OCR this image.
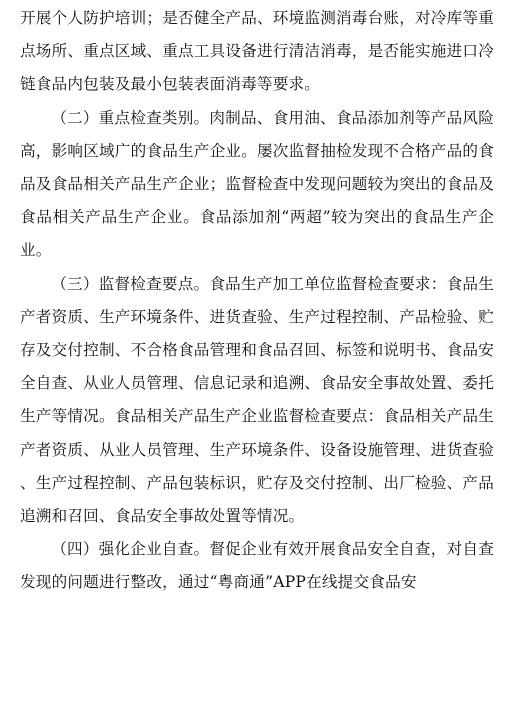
开展个人防护培训；是否健全产品、环境监测消毒台账，对冷库等重点场所、重点区域、重点工具设备进行清洁消毒，是否能实施进口冷链食品内包装及最小包装表面消毒等要求。

（二）重点检查类别。肉制品、食用油、食品添加剂等产品风险高，影响区域广的食品生产企业。屡次监督抽检发现不合格产品的食品及食品相关产品生产企业；监督检查中发现问题较为突出的食品及食品相关产品生产企业。食品添加剂“两超”较为突出的食品生产企业。

（三）监督检查要点。食品生产加工单位监督检查要求：食品生产者资质、生产环境条件、进货查验、生产过程控制、产品检验、贮存及交付控制、不合格食品管理和食品召回、标签和说明书、食品安全自查、从业人员管理、信息记录和追溯、食品安全事故处置、委托生产等情况。食品相关产品生产企业监督检查要点：食品相关产品生产者资质、从业人员管理、生产环境条件、设备设施管理、进货查验 、生产过程控制、产品包装标识，贮存及交付控制、出厂检验、产品追溯和召回、食品安全事故处置等情况。

（四）强化企业自查。督促企业有效开展食品安全自查，对自查发现的问题进行整改，通过“粤商通”APP在线提交食品安
